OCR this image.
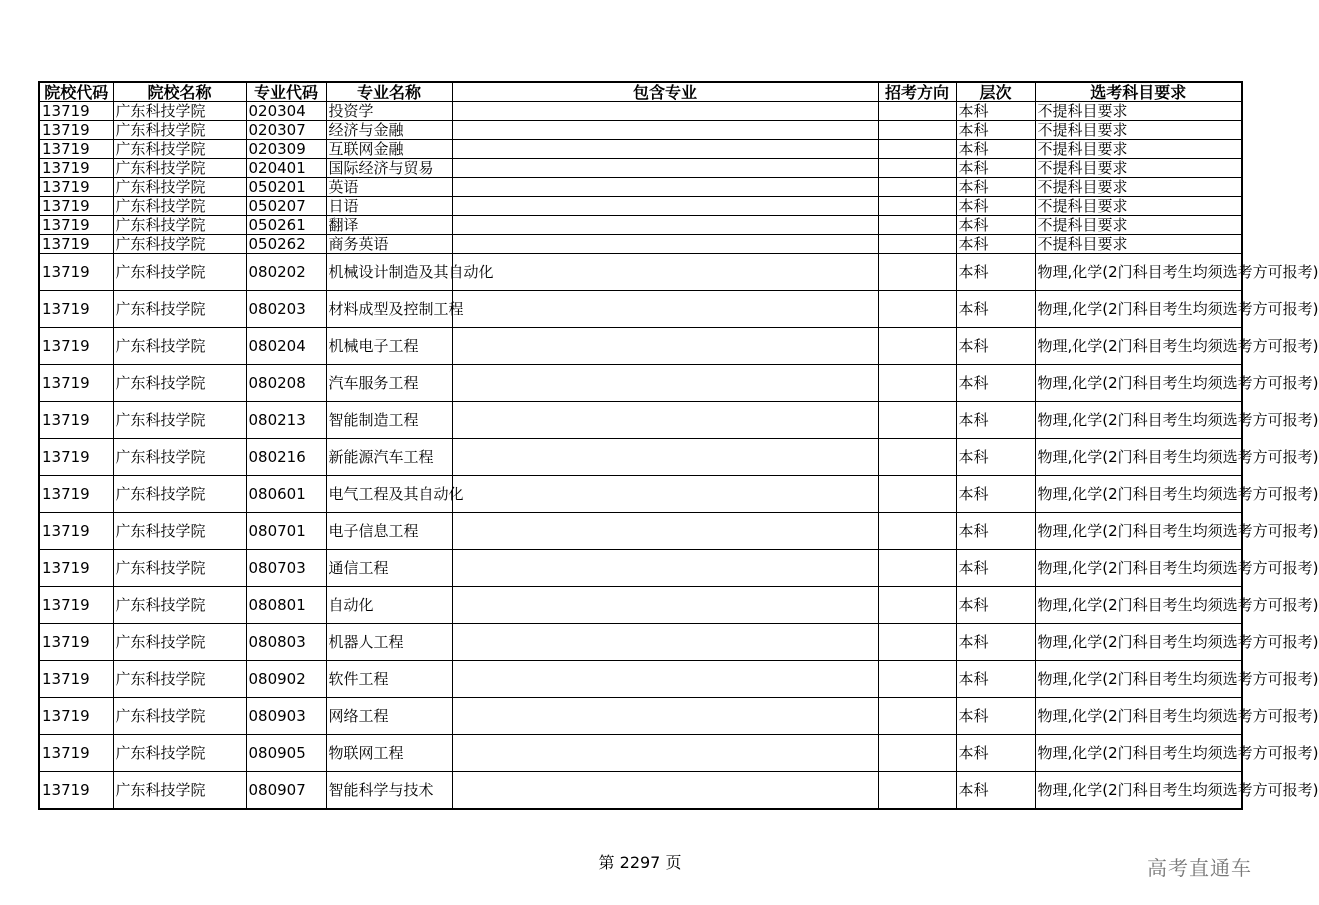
院校代码	院校名称	专业代码	专业名称	包含专业	招考方向	层次	选考科目要求
13719	广东科技学院	020304	投资学			本科	不提科目要求
13719	广东科技学院	020307	经济与金融			本科	不提科目要求
13719	广东科技学院	020309	互联网金融			本科	不提科目要求
13719	广东科技学院	020401	国际经济与贸易			本科	不提科目要求
13719	广东科技学院	050201	英语			本科	不提科目要求
13719	广东科技学院	050207	日语			本科	不提科目要求
13719	广东科技学院	050261	翻译			本科	不提科目要求
13719	广东科技学院	050262	商务英语			本科	不提科目要求
13719	广东科技学院	080202	机械设计制造及其自动化			本科	物理,化学(2门科目考生均须选考方可报考)
13719	广东科技学院	080203	材料成型及控制工程			本科	物理,化学(2门科目考生均须选考方可报考)
13719	广东科技学院	080204	机械电子工程			本科	物理,化学(2门科目考生均须选考方可报考)
13719	广东科技学院	080208	汽车服务工程			本科	物理,化学(2门科目考生均须选考方可报考)
13719	广东科技学院	080213	智能制造工程			本科	物理,化学(2门科目考生均须选考方可报考)
13719	广东科技学院	080216	新能源汽车工程			本科	物理,化学(2门科目考生均须选考方可报考)
13719	广东科技学院	080601	电气工程及其自动化			本科	物理,化学(2门科目考生均须选考方可报考)
13719	广东科技学院	080701	电子信息工程			本科	物理,化学(2门科目考生均须选考方可报考)
13719	广东科技学院	080703	通信工程			本科	物理,化学(2门科目考生均须选考方可报考)
13719	广东科技学院	080801	自动化			本科	物理,化学(2门科目考生均须选考方可报考)
13719	广东科技学院	080803	机器人工程			本科	物理,化学(2门科目考生均须选考方可报考)
13719	广东科技学院	080902	软件工程			本科	物理,化学(2门科目考生均须选考方可报考)
13719	广东科技学院	080903	网络工程			本科	物理,化学(2门科目考生均须选考方可报考)
13719	广东科技学院	080905	物联网工程			本科	物理,化学(2门科目考生均须选考方可报考)
13719	广东科技学院	080907	智能科学与技术			本科	物理,化学(2门科目考生均须选考方可报考)
第 2297 页	高考直通车
